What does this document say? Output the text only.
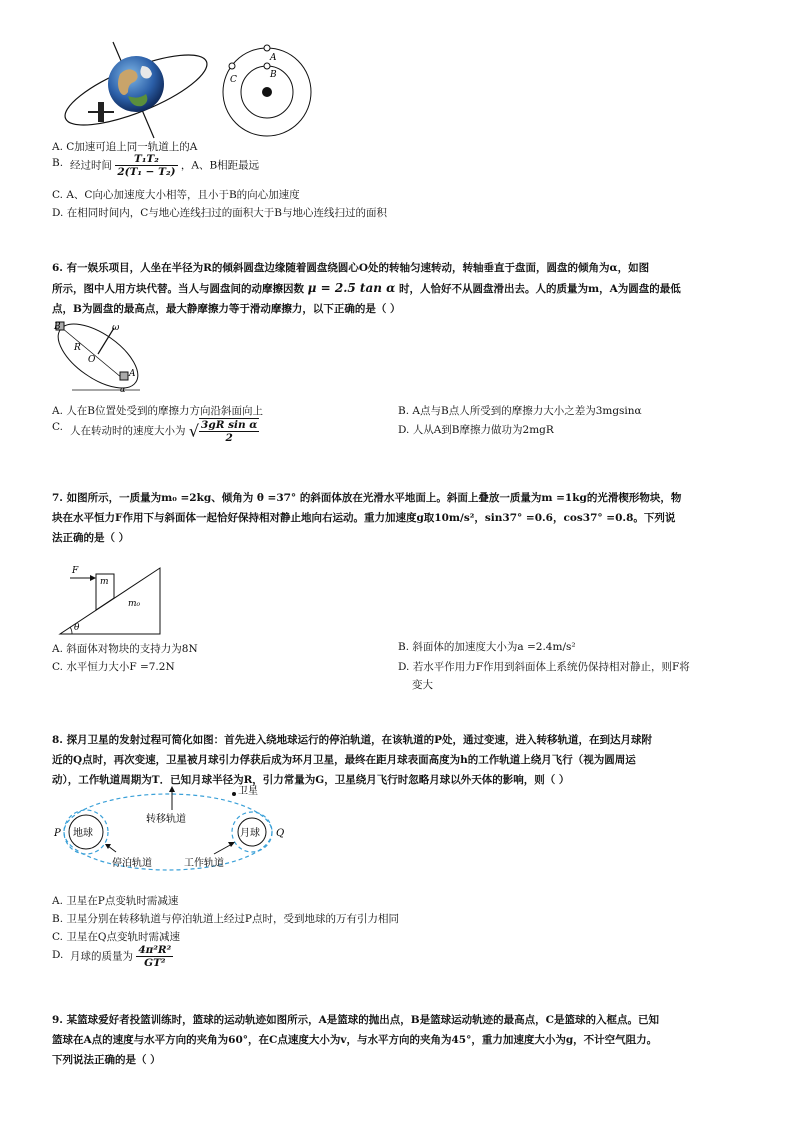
A
B
C
A. C加速可追上同一轨道上的A
B. 经过时间 $\frac{\text{T₁T₂}}{\text{2(T₁ − T₂)}}$ ，A、B相距最远
C. A、C向心加速度大小相等，且小于B的向心加速度
D. 在相同时间内，C与地心连线扫过的面积大于B与地心连线扫过的面积
6. 有一娱乐项目，人坐在半径为R的倾斜圆盘边缘随着圆盘绕圆心O处的转轴匀速转动，转轴垂直于盘面，圆盘的倾角为α，如图
所示，图中人用方块代替。当人与圆盘间的动摩擦因数 μ = 2.5 tan α 时，人恰好不从圆盘滑出去。人的质量为m，A为圆盘的最低
点，B为圆盘的最高点，最大静摩擦力等于滑动摩擦力，以下正确的是（ ）
B
A
O
R
ω
α
A. 人在B位置处受到的摩擦力方向沿斜面向上	B. A点与B点人所受到的摩擦力大小之差为3mgsinα
C. 人在转动时的速度大小为 √ $\frac{\text{3gR sin α}}{2}$	D. 人从A到B摩擦力做功为2mgR
7. 如图所示，一质量为m₀ =2kg、倾角为 θ =37° 的斜面体放在光滑水平地面上。斜面上叠放一质量为m =1kg的光滑楔形物块，物
块在水平恒力F作用下与斜面体一起恰好保持相对静止地向右运动。重力加速度g取10m/s²，sin37° =0.6，cos37° =0.8。下列说
法正确的是（ ）
F
m
m₀
θ
A. 斜面体对物块的支持力为8N	B. 斜面体的加速度大小为a =2.4m/s²
C. 水平恒力大小F =7.2N	D. 若水平作用力F作用到斜面体上系统仍保持相对静止，则F将
变大
8. 探月卫星的发射过程可简化如图：首先进入绕地球运行的停泊轨道，在该轨道的P处，通过变速，进入转移轨道，在到达月球附
近的Q点时，再次变速，卫星被月球引力俘获后成为环月卫星，最终在距月球表面高度为h的工作轨道上绕月飞行（视为圆周运
动），工作轨道周期为T．已知月球半径为R，引力常量为G，卫星绕月飞行时忽略月球以外天体的影响，则（ ）
卫星
转移轨道
地球	月球
P	Q
停泊轨道	工作轨道
A. 卫星在P点变轨时需减速
B. 卫星分别在转移轨道与停泊轨道上经过P点时，受到地球的万有引力相同
C. 卫星在Q点变轨时需减速
D. 月球的质量为 $\frac{\text{4π²R²}}{\text{GT²}}$
9. 某篮球爱好者投篮训练时，篮球的运动轨迹如图所示，A是篮球的抛出点，B是篮球运动轨迹的最高点，C是篮球的入框点。已知
篮球在A点的速度与水平方向的夹角为60°，在C点速度大小为v，与水平方向的夹角为45°，重力加速度大小为g，不计空气阻力。
下列说法正确的是（ ）
